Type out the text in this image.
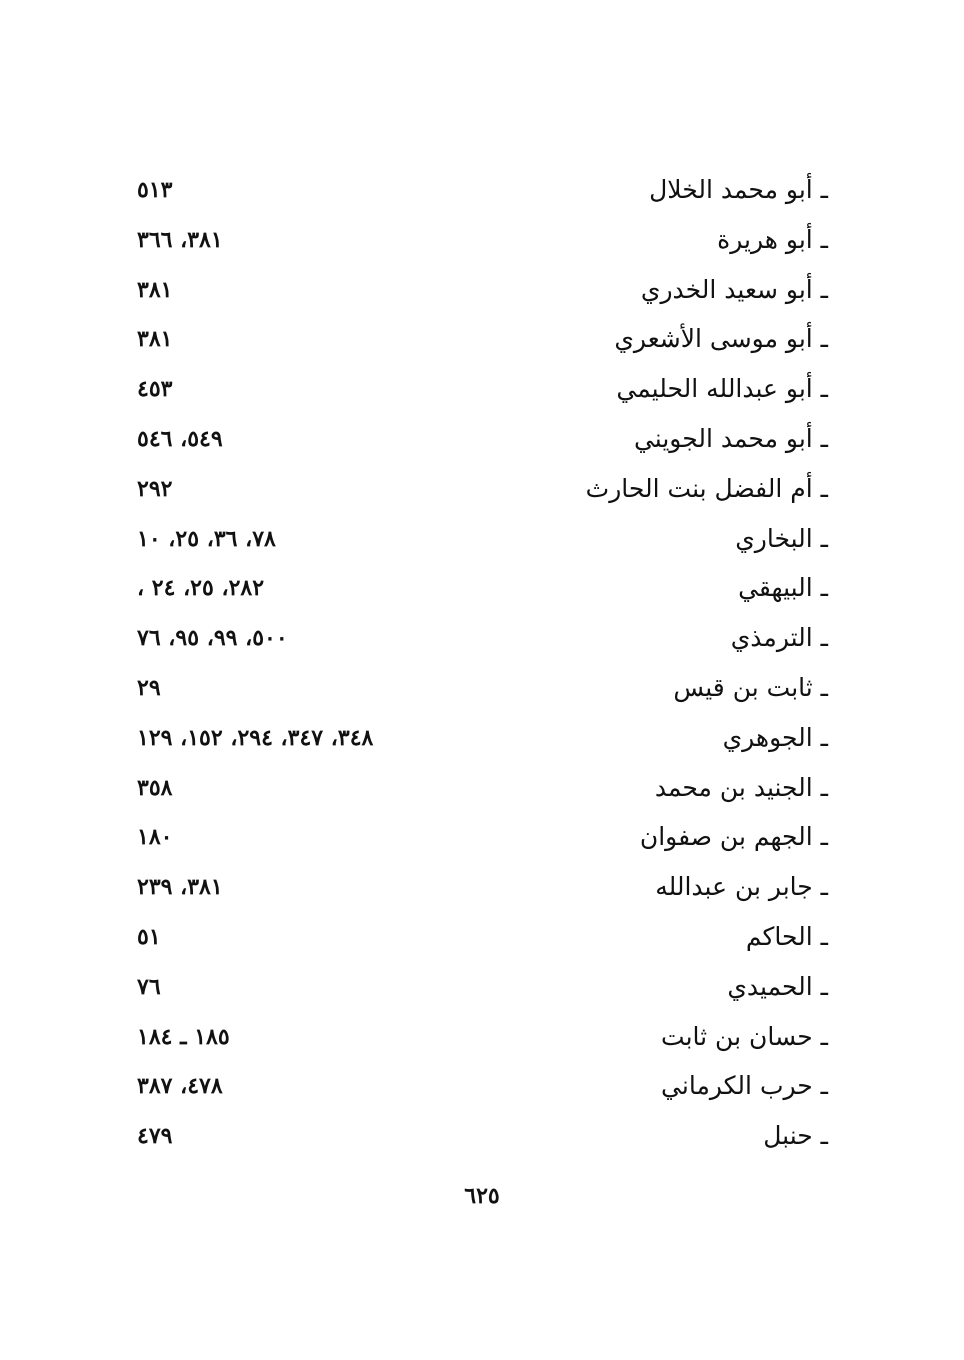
ـ أبو محمد الخلال
٥١٣
ـ أبو هريرة
٣٨١، ٣٦٦
ـ أبو سعيد الخدري
٣٨١
ـ أبو موسى الأشعري
٣٨١
ـ أبو عبدالله الحليمي
٤٥٣
ـ أبو محمد الجويني
٥٤٩، ٥٤٦
ـ أم الفضل بنت الحارث
٢٩٢
ـ البخاري
٧٨، ٣٦، ٢٥، ١٠
ـ البيهقي
، ٢٨٢، ٢٥، ٢٤
ـ الترمذي
٥٠٠، ٩٩، ٩٥، ٧٦
ـ ثابت بن قيس
٢٩
ـ الجوهري
٣٤٨، ٣٤٧، ٢٩٤، ١٥٢، ١٢٩
ـ الجنيد بن محمد
٣٥٨
ـ الجهم بن صفوان
١٨٠
ـ جابر بن عبدالله
٣٨١، ٢٣٩
ـ الحاكم
٥١
ـ الحميدي
٧٦
ـ حسان بن ثابت
١٨٥ ـ ١٨٤
ـ حرب الكرماني
٤٧٨، ٣٨٧
ـ حنبل
٤٧٩
٦٢٥
